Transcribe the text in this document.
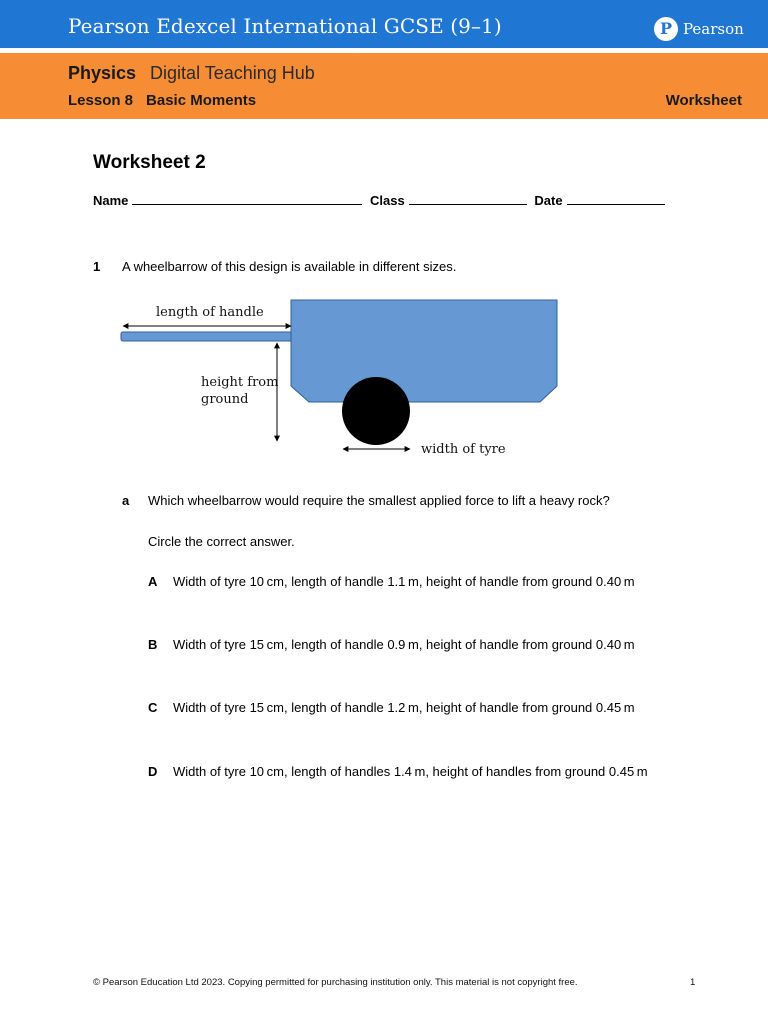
Pearson Edexcel International GCSE (9–1)	P Pearson
Physics Digital Teaching Hub
Lesson 8 Basic Moments	Worksheet
Worksheet 2
Name	Class	Date
1 A wheelbarrow of this design is available in different sizes.
length of handle
height from
ground
width of tyre
a Which wheelbarrow would require the smallest applied force to lift a heavy rock?
Circle the correct answer.
A Width of tyre 10 cm, length of handle 1.1 m, height of handle from ground 0.40 m
B Width of tyre 15 cm, length of handle 0.9 m, height of handle from ground 0.40 m
C Width of tyre 15 cm, length of handle 1.2 m, height of handle from ground 0.45 m
D Width of tyre 10 cm, length of handles 1.4 m, height of handles from ground 0.45 m
© Pearson Education Ltd 2023. Copying permitted for purchasing institution only. This material is not copyright free.	1
